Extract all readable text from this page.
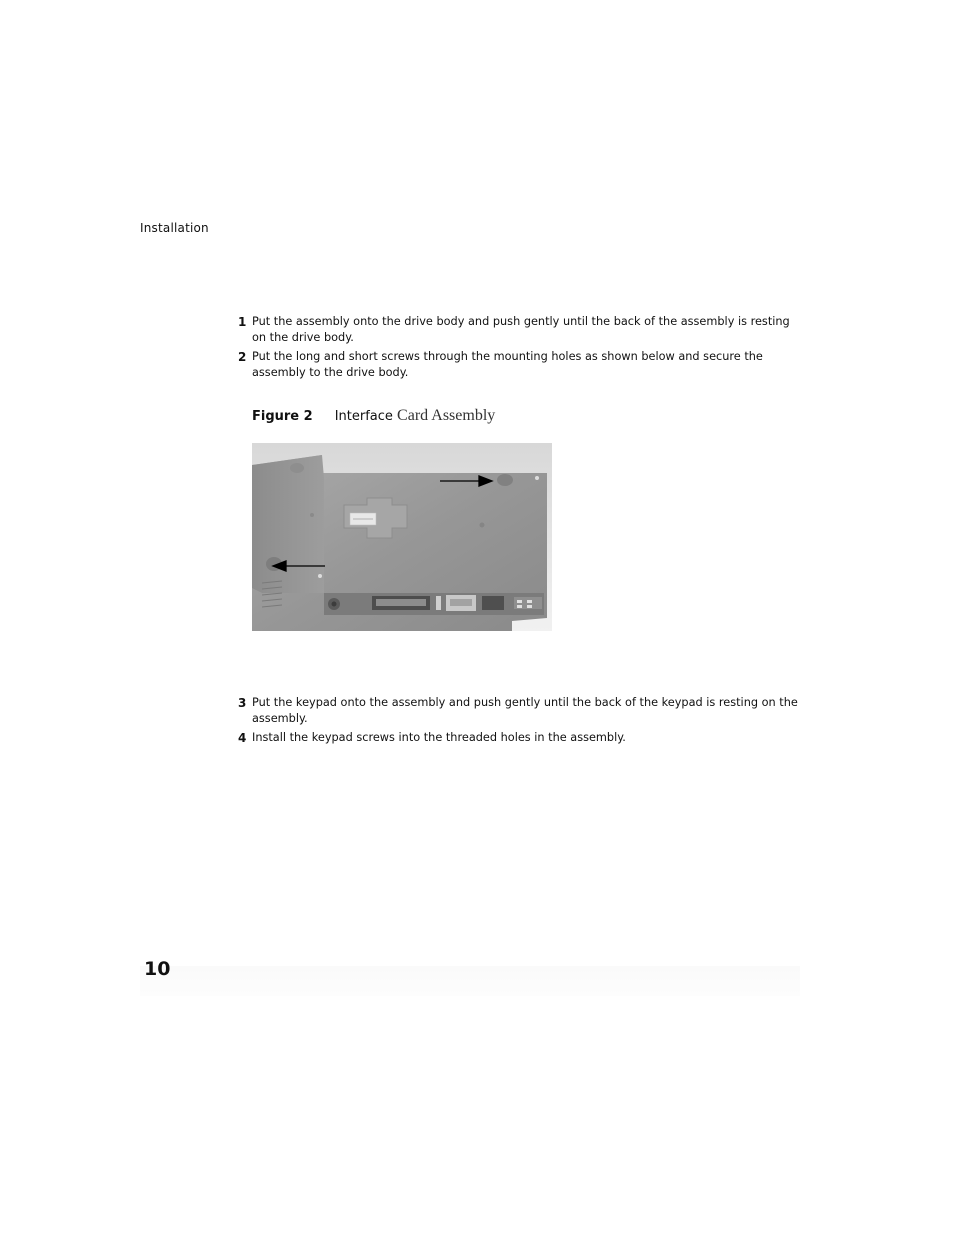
Installation
1 Put the assembly onto the drive body and push gently until the back of the assembly is resting on the drive body.
2 Put the long and short screws through the mounting holes as shown below and secure the assembly to the drive body.
Figure 2 Interface Card Assembly
3 Put the keypad onto the assembly and push gently until the back of the keypad is resting on the assembly.
4 Install the keypad screws into the threaded holes in the assembly.
10
